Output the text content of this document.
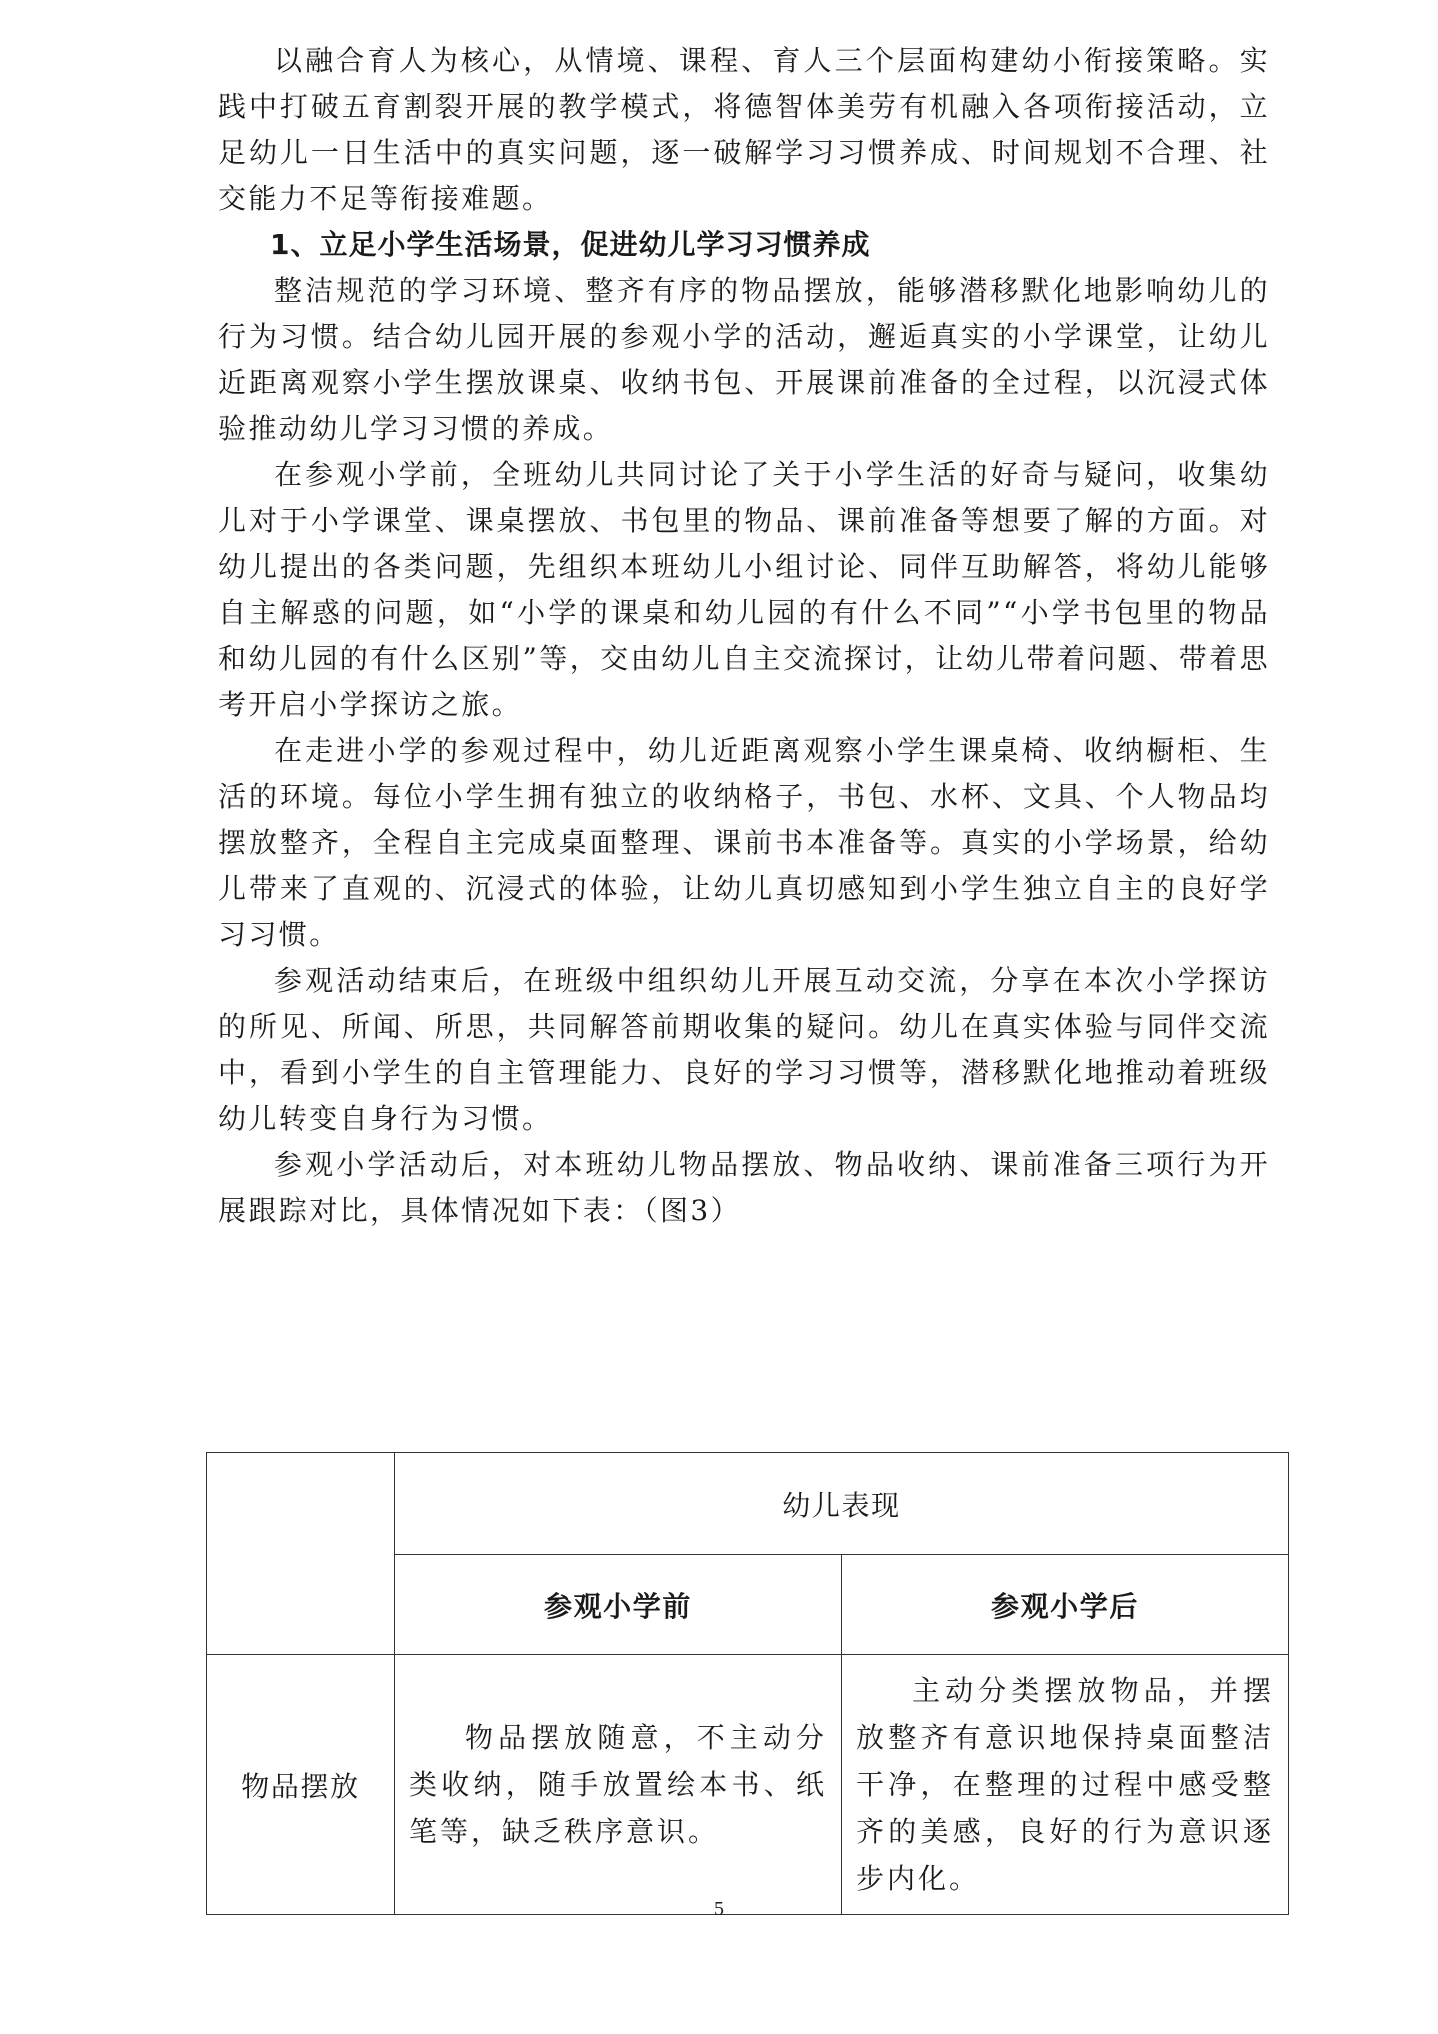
以融合育人为核心，从情境、课程、育人三个层面构建幼小衔接策略。实践中打破五育割裂开展的教学模式，将德智体美劳有机融入各项衔接活动，立足幼儿一日生活中的真实问题，逐一破解学习习惯养成、时间规划不合理、社交能力不足等衔接难题。

1、立足小学生活场景，促进幼儿学习习惯养成

整洁规范的学习环境、整齐有序的物品摆放，能够潜移默化地影响幼儿的行为习惯。结合幼儿园开展的参观小学的活动，邂逅真实的小学课堂，让幼儿近距离观察小学生摆放课桌、收纳书包、开展课前准备的全过程，以沉浸式体验推动幼儿学习习惯的养成。

在参观小学前，全班幼儿共同讨论了关于小学生活的好奇与疑问，收集幼儿对于小学课堂、课桌摆放、书包里的物品、课前准备等想要了解的方面。对幼儿提出的各类问题，先组织本班幼儿小组讨论、同伴互助解答，将幼儿能够自主解惑的问题，如“小学的课桌和幼儿园的有什么不同”“小学书包里的物品和幼儿园的有什么区别”等，交由幼儿自主交流探讨，让幼儿带着问题、带着思考开启小学探访之旅。

在走进小学的参观过程中，幼儿近距离观察小学生课桌椅、收纳橱柜、生活的环境。每位小学生拥有独立的收纳格子，书包、水杯、文具、个人物品均摆放整齐，全程自主完成桌面整理、课前书本准备等。真实的小学场景，给幼儿带来了直观的、沉浸式的体验，让幼儿真切感知到小学生独立自主的良好学习习惯。

参观活动结束后，在班级中组织幼儿开展互动交流，分享在本次小学探访的所见、所闻、所思，共同解答前期收集的疑问。幼儿在真实体验与同伴交流中，看到小学生的自主管理能力、良好的学习习惯等，潜移默化地推动着班级幼儿转变自身行为习惯。

参观小学活动后，对本班幼儿物品摆放、物品收纳、课前准备三项行为开展跟踪对比，具体情况如下表：（图3）

	幼儿表现	
	参观小学前	参观小学后
物品摆放	物品摆放随意，不主动分类收纳，随手放置绘本书、纸笔等，缺乏秩序意识。	主动分类摆放物品，并摆放整齐有意识地保持桌面整洁干净，在整理的过程中感受整齐的美感，良好的行为意识逐步内化。
5
